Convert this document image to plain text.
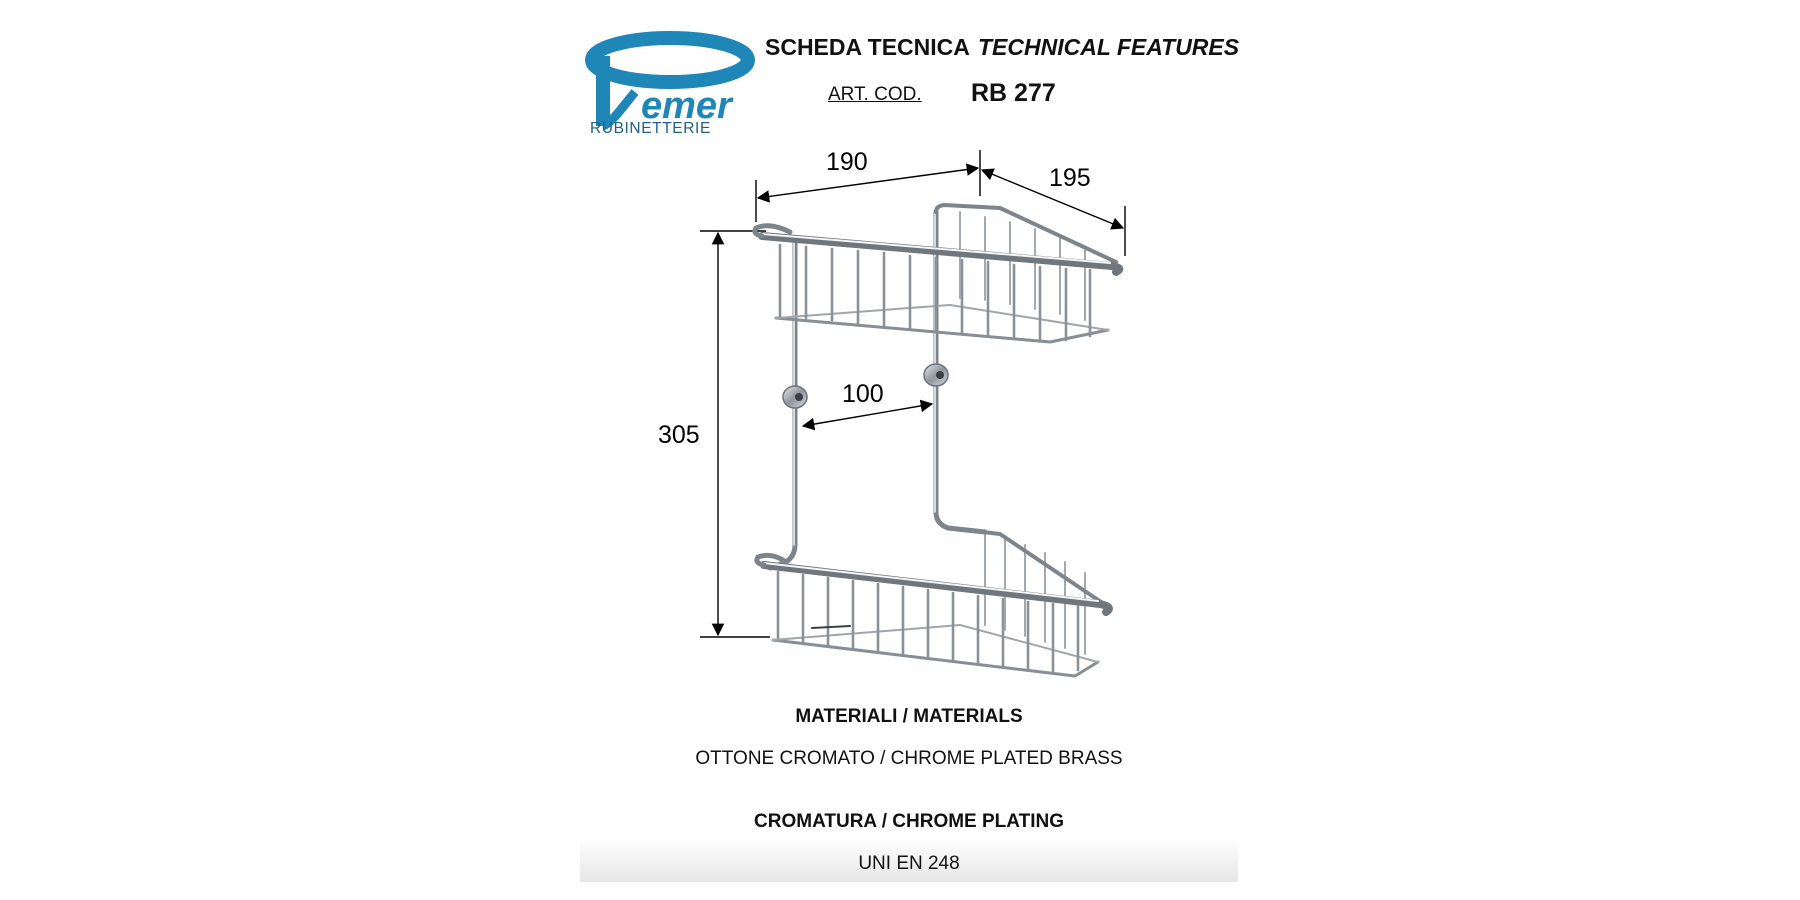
emer
RUBINETTERIE
SCHEDA TECNICA TECHNICAL FEATURES
ART. COD. RB 277
190
195
305
100
MATERIALI / MATERIALS
OTTONE CROMATO / CHROME PLATED BRASS
CROMATURA / CHROME PLATING
UNI EN 248
